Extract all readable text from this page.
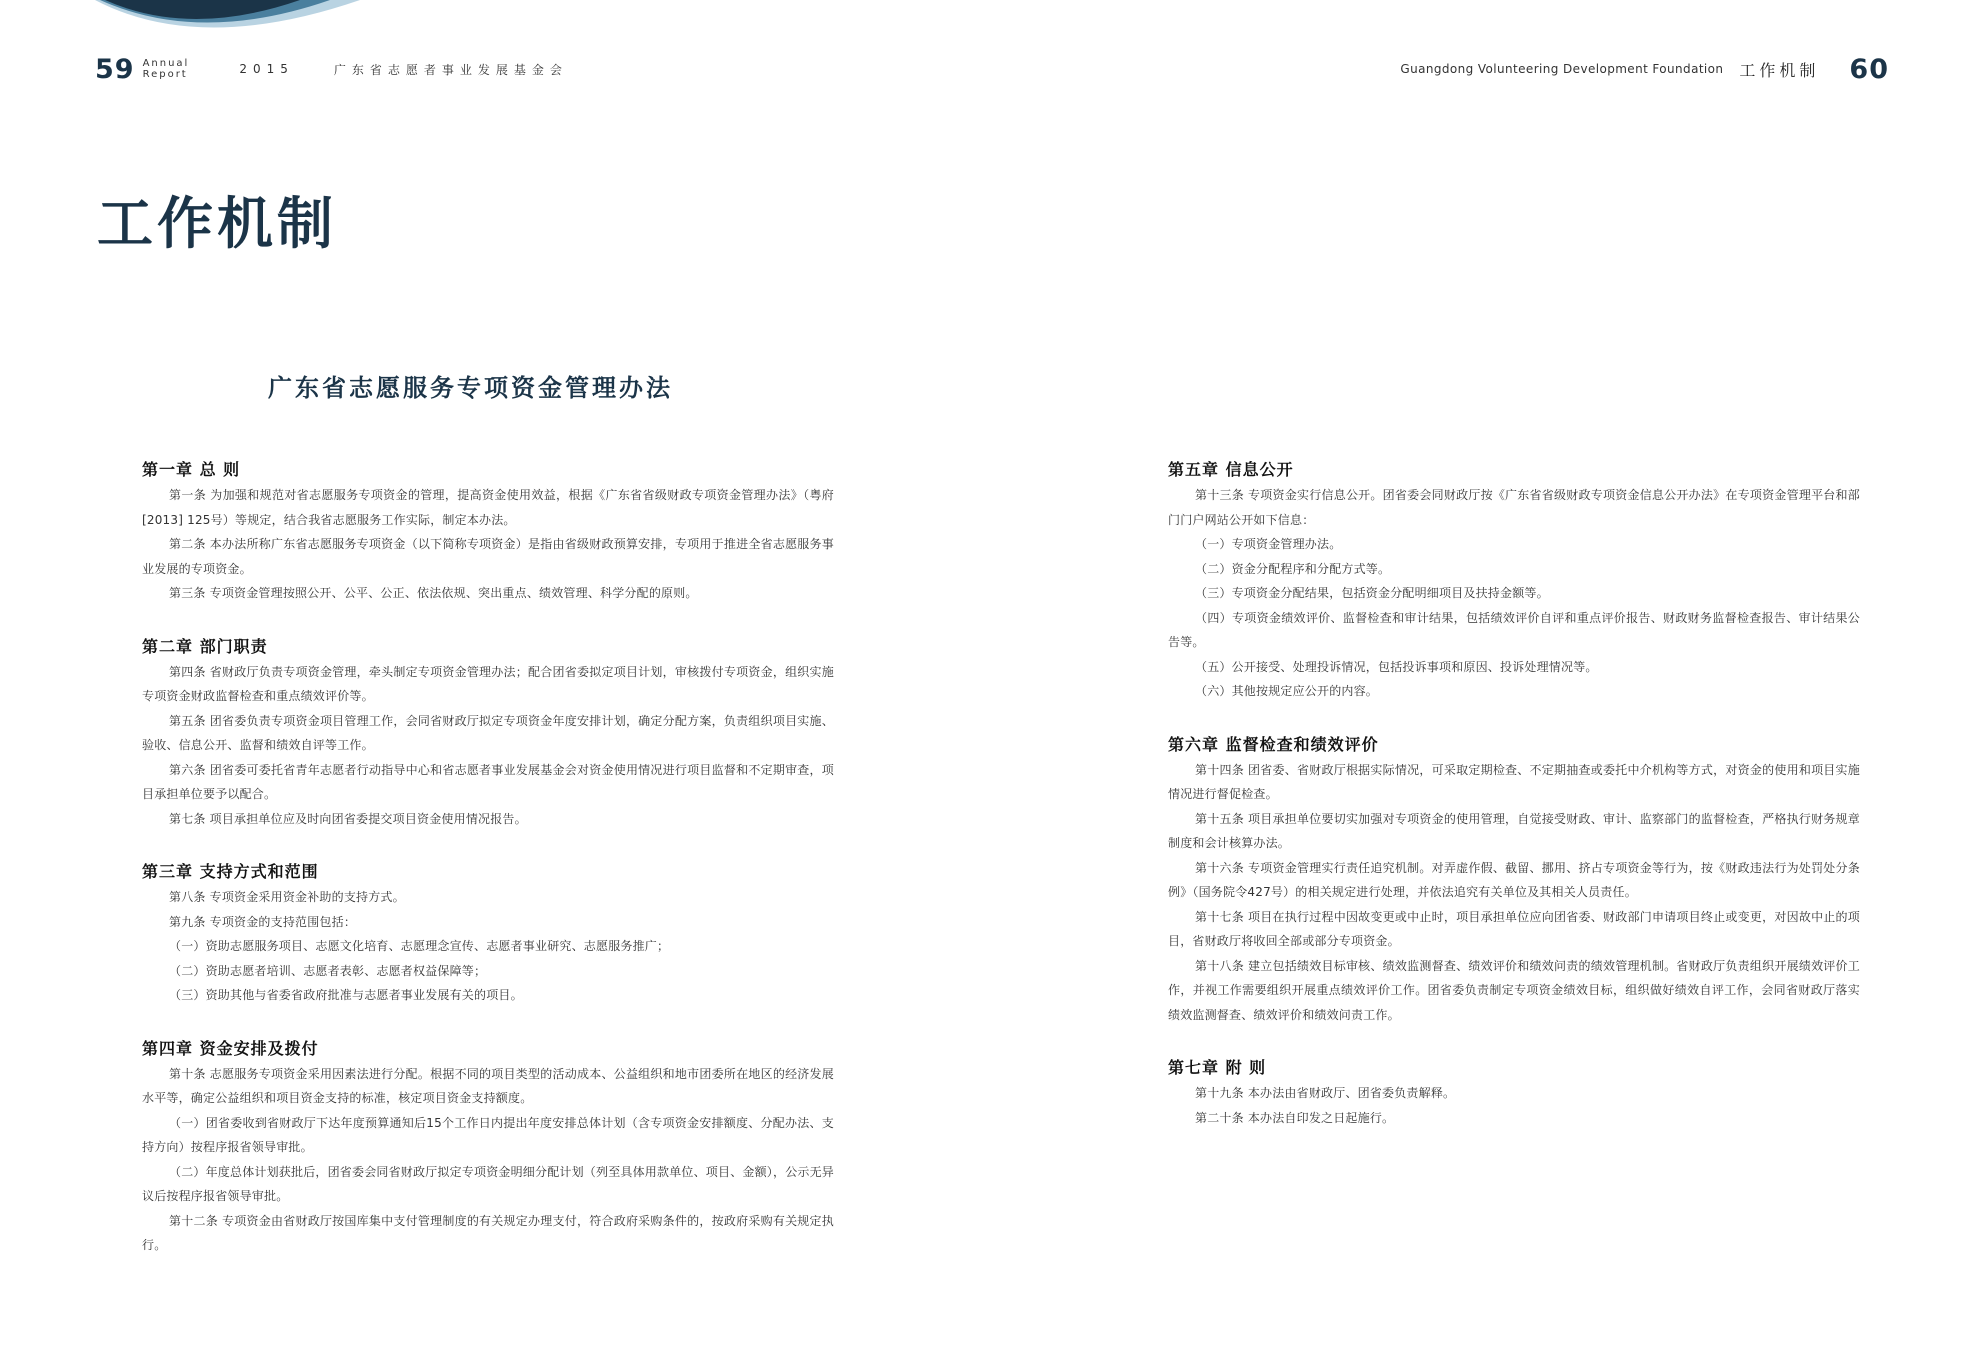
59 Annual
Report	2015	广东省志愿者事业发展基金会	Guangdong Volunteering Development Foundation 工作机制 60
工作机制
广东省志愿服务专项资金管理办法
第一章 总 则
第一条 为加强和规范对省志愿服务专项资金的管理，提高资金使用效益，根据《广东省省级财政专项资金管理办法》（粤府[2013] 125号）等规定，结合我省志愿服务工作实际，制定本办法。
第二条 本办法所称广东省志愿服务专项资金（以下简称专项资金）是指由省级财政预算安排，专项用于推进全省志愿服务事业发展的专项资金。
第三条 专项资金管理按照公开、公平、公正、依法依规、突出重点、绩效管理、科学分配的原则。
第二章 部门职责
第四条 省财政厅负责专项资金管理，牵头制定专项资金管理办法；配合团省委拟定项目计划，审核拨付专项资金，组织实施专项资金财政监督检查和重点绩效评价等。
第五条 团省委负责专项资金项目管理工作，会同省财政厅拟定专项资金年度安排计划，确定分配方案，负责组织项目实施、验收、信息公开、监督和绩效自评等工作。
第六条 团省委可委托省青年志愿者行动指导中心和省志愿者事业发展基金会对资金使用情况进行项目监督和不定期审查，项目承担单位要予以配合。
第七条 项目承担单位应及时向团省委提交项目资金使用情况报告。
第三章 支持方式和范围
第八条 专项资金采用资金补助的支持方式。
第九条 专项资金的支持范围包括：
（一）资助志愿服务项目、志愿文化培育、志愿理念宣传、志愿者事业研究、志愿服务推广；
（二）资助志愿者培训、志愿者表彰、志愿者权益保障等；
（三）资助其他与省委省政府批准与志愿者事业发展有关的项目。
第四章 资金安排及拨付
第十条 志愿服务专项资金采用因素法进行分配。根据不同的项目类型的活动成本、公益组织和地市团委所在地区的经济发展水平等，确定公益组织和项目资金支持的标准，核定项目资金支持额度。
（一）团省委收到省财政厅下达年度预算通知后15个工作日内提出年度安排总体计划（含专项资金安排额度、分配办法、支持方向）按程序报省领导审批。
（二）年度总体计划获批后，团省委会同省财政厅拟定专项资金明细分配计划（列至具体用款单位、项目、金额），公示无异议后按程序报省领导审批。
第十二条 专项资金由省财政厅按国库集中支付管理制度的有关规定办理支付，符合政府采购条件的，按政府采购有关规定执行。
第五章 信息公开
第十三条 专项资金实行信息公开。团省委会同财政厅按《广东省省级财政专项资金信息公开办法》在专项资金管理平台和部门门户网站公开如下信息：
（一）专项资金管理办法。
（二）资金分配程序和分配方式等。
（三）专项资金分配结果，包括资金分配明细项目及扶持金额等。
（四）专项资金绩效评价、监督检查和审计结果，包括绩效评价自评和重点评价报告、财政财务监督检查报告、审计结果公告等。
（五）公开接受、处理投诉情况，包括投诉事项和原因、投诉处理情况等。
（六）其他按规定应公开的内容。
第六章 监督检查和绩效评价
第十四条 团省委、省财政厅根据实际情况，可采取定期检查、不定期抽查或委托中介机构等方式，对资金的使用和项目实施情况进行督促检查。
第十五条 项目承担单位要切实加强对专项资金的使用管理，自觉接受财政、审计、监察部门的监督检查，严格执行财务规章制度和会计核算办法。
第十六条 专项资金管理实行责任追究机制。对弄虚作假、截留、挪用、挤占专项资金等行为，按《财政违法行为处罚处分条例》（国务院令427号）的相关规定进行处理，并依法追究有关单位及其相关人员责任。
第十七条 项目在执行过程中因故变更或中止时，项目承担单位应向团省委、财政部门申请项目终止或变更，对因故中止的项目，省财政厅将收回全部或部分专项资金。
第十八条 建立包括绩效目标审核、绩效监测督查、绩效评价和绩效问责的绩效管理机制。省财政厅负责组织开展绩效评价工作，并视工作需要组织开展重点绩效评价工作。团省委负责制定专项资金绩效目标，组织做好绩效自评工作，会同省财政厅落实绩效监测督查、绩效评价和绩效问责工作。
第七章 附 则
第十九条 本办法由省财政厅、团省委负责解释。
第二十条 本办法自印发之日起施行。
